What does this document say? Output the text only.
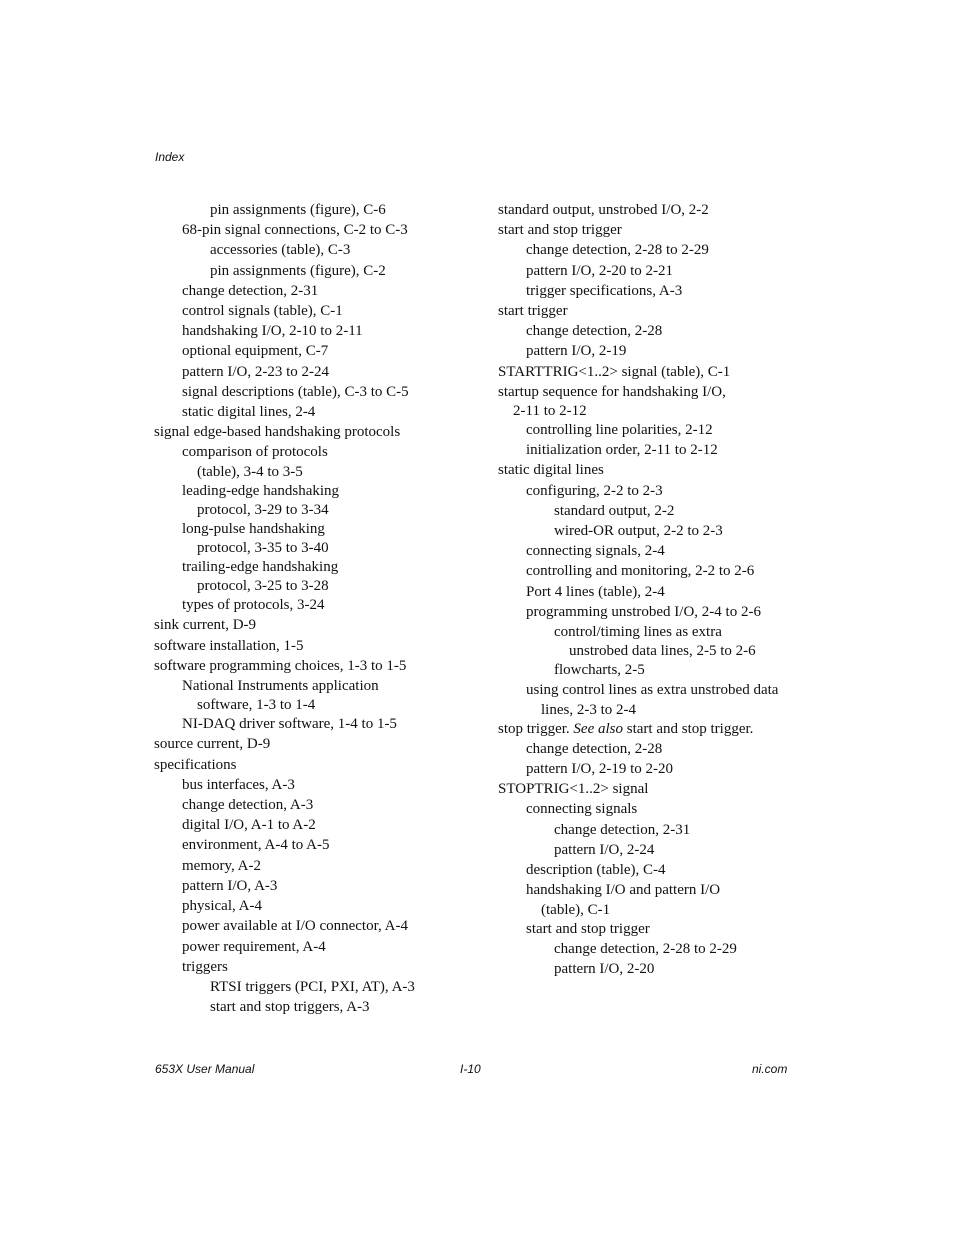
Index
pin assignments (figure), C-6
68-pin signal connections, C-2 to C-3
accessories (table), C-3
pin assignments (figure), C-2
change detection, 2-31
control signals (table), C-1
handshaking I/O, 2-10 to 2-11
optional equipment, C-7
pattern I/O, 2-23 to 2-24
signal descriptions (table), C-3 to C-5
static digital lines, 2-4
signal edge-based handshaking protocols
comparison of protocols
(table), 3-4 to 3-5
leading-edge handshaking
protocol, 3-29 to 3-34
long-pulse handshaking
protocol, 3-35 to 3-40
trailing-edge handshaking
protocol, 3-25 to 3-28
types of protocols, 3-24
sink current, D-9
software installation, 1-5
software programming choices, 1-3 to 1-5
National Instruments application
software, 1-3 to 1-4
NI-DAQ driver software, 1-4 to 1-5
source current, D-9
specifications
bus interfaces, A-3
change detection, A-3
digital I/O, A-1 to A-2
environment, A-4 to A-5
memory, A-2
pattern I/O, A-3
physical, A-4
power available at I/O connector, A-4
power requirement, A-4
triggers
RTSI triggers (PCI, PXI, AT), A-3
start and stop triggers, A-3
standard output, unstrobed I/O, 2-2
start and stop trigger
change detection, 2-28 to 2-29
pattern I/O, 2-20 to 2-21
trigger specifications, A-3
start trigger
change detection, 2-28
pattern I/O, 2-19
STARTTRIG<1..2> signal (table), C-1
startup sequence for handshaking I/O,
2-11 to 2-12
controlling line polarities, 2-12
initialization order, 2-11 to 2-12
static digital lines
configuring, 2-2 to 2-3
standard output, 2-2
wired-OR output, 2-2 to 2-3
connecting signals, 2-4
controlling and monitoring, 2-2 to 2-6
Port 4 lines (table), 2-4
programming unstrobed I/O, 2-4 to 2-6
control/timing lines as extra
unstrobed data lines, 2-5 to 2-6
flowcharts, 2-5
using control lines as extra unstrobed data
lines, 2-3 to 2-4
stop trigger. See also start and stop trigger.
change detection, 2-28
pattern I/O, 2-19 to 2-20
STOPTRIG<1..2> signal
connecting signals
change detection, 2-31
pattern I/O, 2-24
description (table), C-4
handshaking I/O and pattern I/O
(table), C-1
start and stop trigger
change detection, 2-28 to 2-29
pattern I/O, 2-20
653X User Manual	I-10	ni.com
